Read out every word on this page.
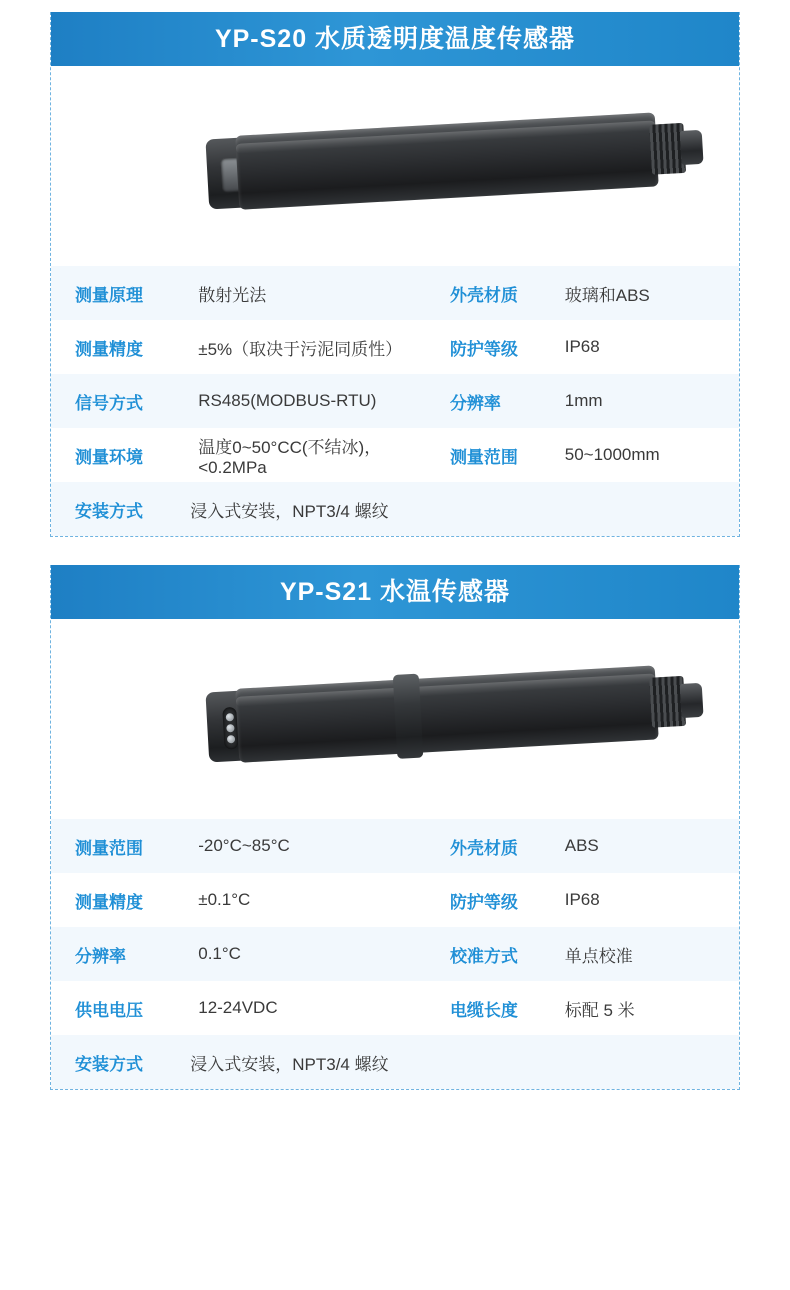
YP-S20 水质透明度温度传感器
测量原理	散射光法	外壳材质	玻璃和ABS
测量精度	±5%（取决于污泥同质性）	防护等级	IP68
信号方式	RS485(MODBUS-RTU)	分辨率	1mm
测量环境	温度0~50°CC(不结冰)，<0.2MPa	测量范围	50~1000mm
安装方式	浸入式安装，NPT3/4 螺纹		
YP-S21 水温传感器
测量范围	-20°C~85°C	外壳材质	ABS
测量精度	±0.1°C	防护等级	IP68
分辨率	0.1°C	校准方式	单点校准
供电电压	12-24VDC	电缆长度	标配 5 米
安装方式	浸入式安装，NPT3/4 螺纹		
